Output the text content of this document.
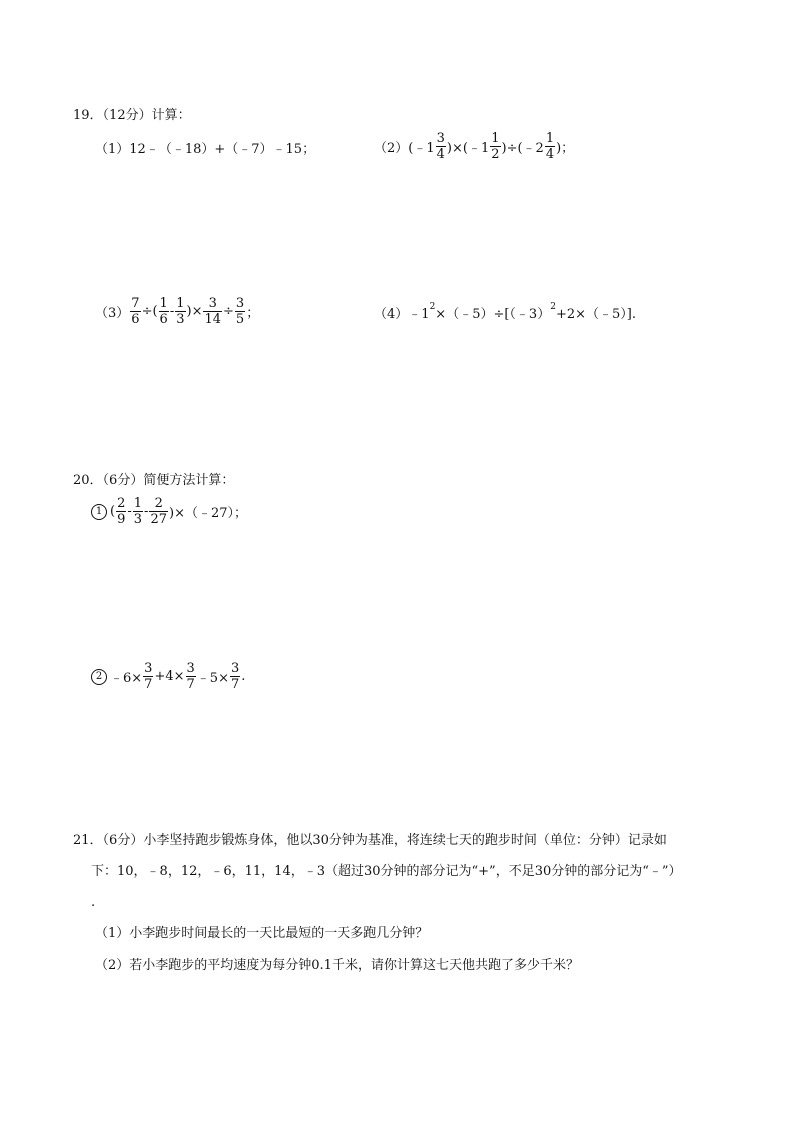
19．（12分）计算：
（1） 12﹣（﹣18）+（﹣7）﹣15；	（2） (﹣1 $\frac{3}{4}$ )×(﹣1 $\frac{1}{2}$ )÷(﹣2 $\frac{1}{4}$ )；
$(3) \frac{7}{6}$ ÷( $\frac{1}{6} - \frac{1}{3}$ )× $\frac{3}{14} \div \frac{3}{5}$ ；	（4） ﹣1
2
×（﹣5）÷[（﹣3）
2
+2×（﹣5）].
20．（6分）简便方法计算：
1 ( $\frac{2}{9} - \frac{1}{3} - \frac{2}{27}$ )×（﹣27）；
2 ﹣6× $\frac{3}{7} +4\times \frac{3}{7}$ ﹣5× $\frac{3}{7}$ .
21．（6分）小李坚持跑步锻炼身体，他以30分钟为基准，将连续七天的跑步时间（单位：分钟）记录如
下：10，﹣8，12，﹣6，11，14，﹣3（超过30分钟的部分记为“+”，不足30分钟的部分记为“﹣”）
.
（1）小李跑步时间最长的一天比最短的一天多跑几分钟？
（2）若小李跑步的平均速度为每分钟0.1千米，请你计算这七天他共跑了多少千米？
